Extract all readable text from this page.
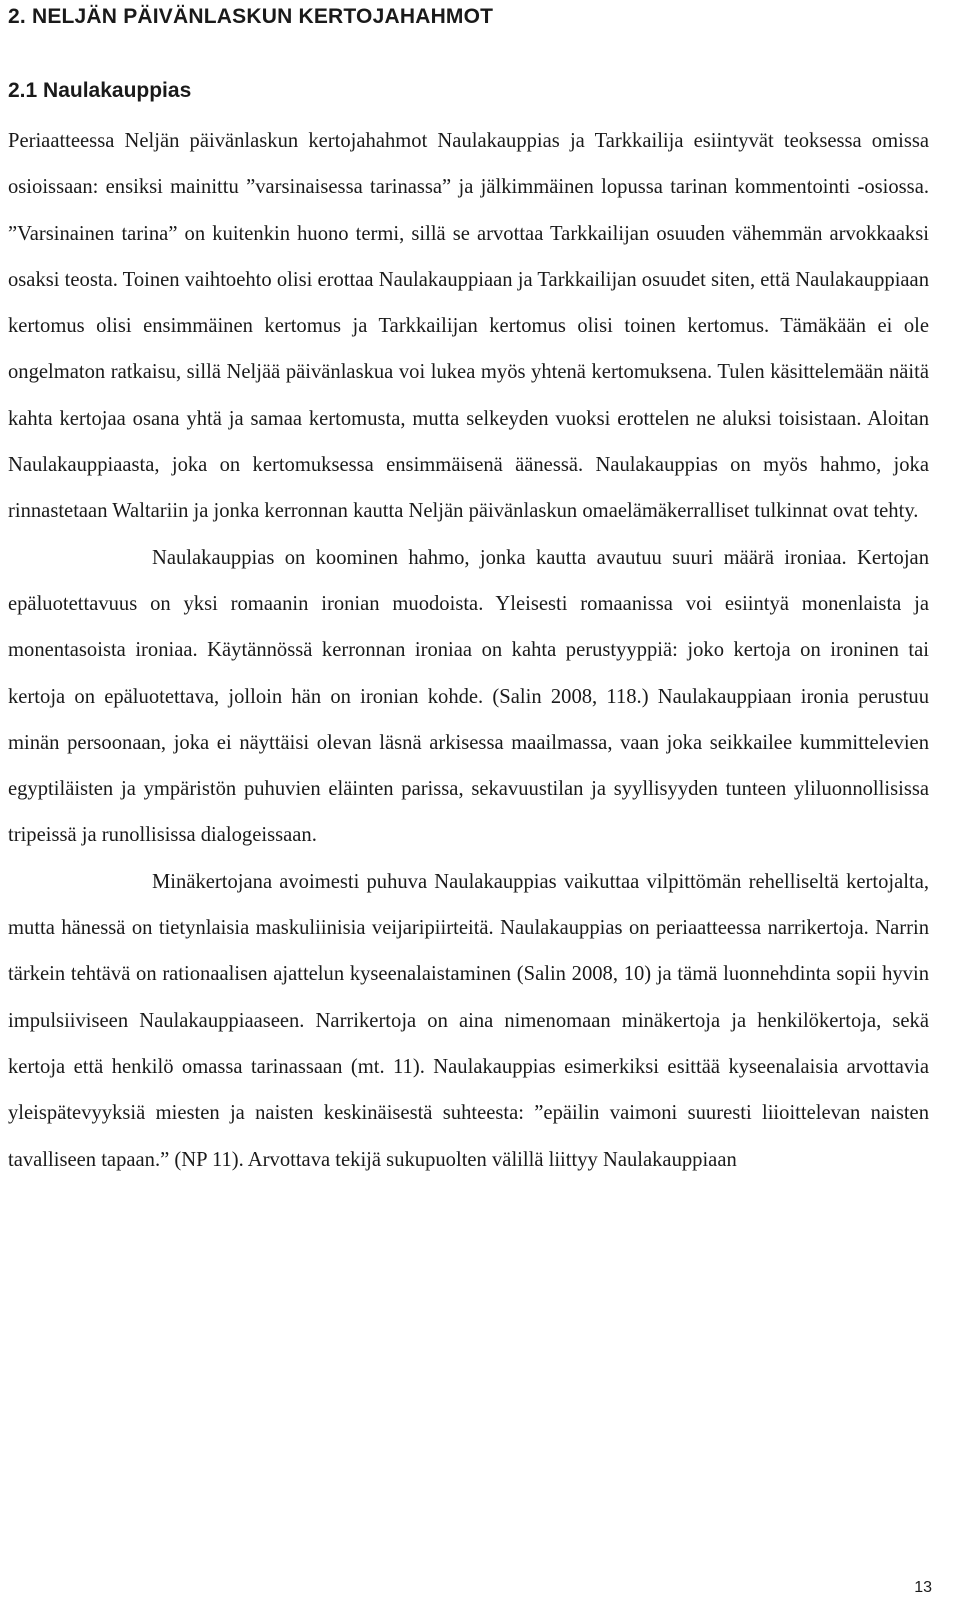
2. NELJÄN PÄIVÄNLASKUN KERTOJAHAHMOT
2.1 Naulakauppias

Periaatteessa Neljän päivänlaskun kertojahahmot Naulakauppias ja Tarkkailija esiintyvät teoksessa omissa osioissaan: ensiksi mainittu ”varsinaisessa tarinassa” ja jälkimmäinen lopussa tarinan kommentointi -osiossa. ”Varsinainen tarina” on kuitenkin huono termi, sillä se arvottaa Tarkkailijan osuuden vähemmän arvokkaaksi osaksi teosta. Toinen vaihtoehto olisi erottaa Naulakauppiaan ja Tarkkailijan osuudet siten, että Naulakauppiaan kertomus olisi ensimmäinen kertomus ja Tarkkailijan kertomus olisi toinen kertomus. Tämäkään ei ole ongelmaton ratkaisu, sillä Neljää päivänlaskua voi lukea myös yhtenä kertomuksena. Tulen käsittelemään näitä kahta kertojaa osana yhtä ja samaa kertomusta, mutta selkeyden vuoksi erottelen ne aluksi toisistaan. Aloitan Naulakauppiaasta, joka on kertomuksessa ensimmäisenä äänessä. Naulakauppias on myös hahmo, joka rinnastetaan Waltariin ja jonka kerronnan kautta Neljän päivänlaskun omaelämäkerralliset tulkinnat ovat tehty.

Naulakauppias on koominen hahmo, jonka kautta avautuu suuri määrä ironiaa. Kertojan epäluotettavuus on yksi romaanin ironian muodoista. Yleisesti romaanissa voi esiintyä monenlaista ja monentasoista ironiaa. Käytännössä kerronnan ironiaa on kahta perustyyppiä: joko kertoja on ironinen tai kertoja on epäluotettava, jolloin hän on ironian kohde. (Salin 2008, 118.) Naulakauppiaan ironia perustuu minän persoonaan, joka ei näyttäisi olevan läsnä arkisessa maailmassa, vaan joka seikkailee kummittelevien egyptiläisten ja ympäristön puhuvien eläinten parissa, sekavuustilan ja syyllisyyden tunteen yliluonnollisissa tripeissä ja runollisissa dialogeissaan.

Minäkertojana avoimesti puhuva Naulakauppias vaikuttaa vilpittömän rehelliseltä kertojalta, mutta hänessä on tietynlaisia maskuliinisia veijaripiirteitä. Naulakauppias on periaatteessa narrikertoja. Narrin tärkein tehtävä on rationaalisen ajattelun kyseenalaistaminen (Salin 2008, 10) ja tämä luonnehdinta sopii hyvin impulsiiviseen Naulakauppiaaseen. Narrikertoja on aina nimenomaan minäkertoja ja henkilökertoja, sekä kertoja että henkilö omassa tarinassaan (mt. 11). Naulakauppias esimerkiksi esittää kyseenalaisia arvottavia yleispätevyyksiä miesten ja naisten keskinäisestä suhteesta: ”epäilin vaimoni suuresti liioittelevan naisten tavalliseen tapaan.” (NP 11). Arvottava tekijä sukupuolten välillä liittyy Naulakauppiaan

13
